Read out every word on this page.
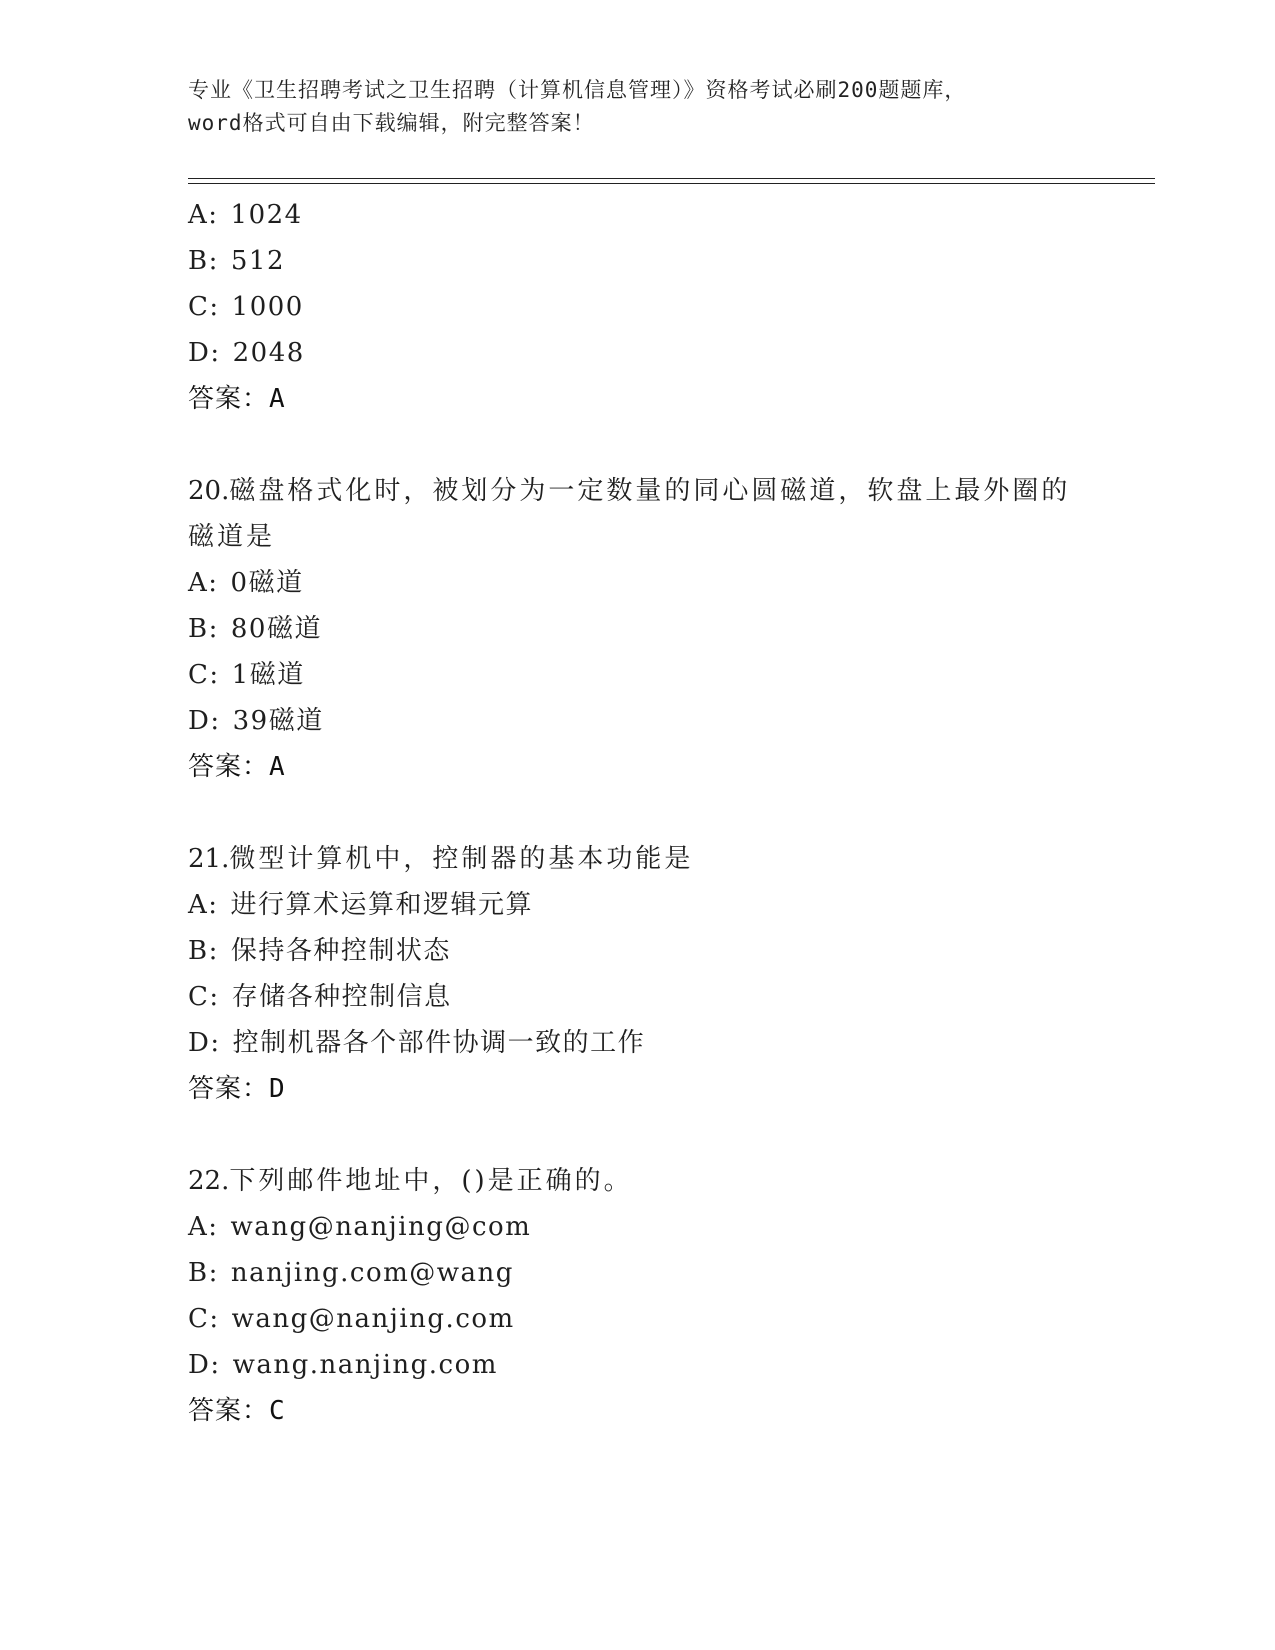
专业《卫生招聘考试之卫生招聘（计算机信息管理）》资格考试必刷200题题库，
word格式可自由下载编辑，附完整答案！
A: 1024
B: 512
C: 1000
D: 2048
答案：A
20.磁盘格式化时，被划分为一定数量的同心圆磁道，软盘上最外圈的
磁道是
A: 0磁道
B: 80磁道
C: 1磁道
D: 39磁道
答案：A
21.微型计算机中，控制器的基本功能是
A: 进行算术运算和逻辑元算
B: 保持各种控制状态
C: 存储各种控制信息
D: 控制机器各个部件协调一致的工作
答案：D
22.下列邮件地址中，()是正确的。
A: wang@nanjing@com
B: nanjing.com@wang
C: wang@nanjing.com
D: wang.nanjing.com
答案：C
